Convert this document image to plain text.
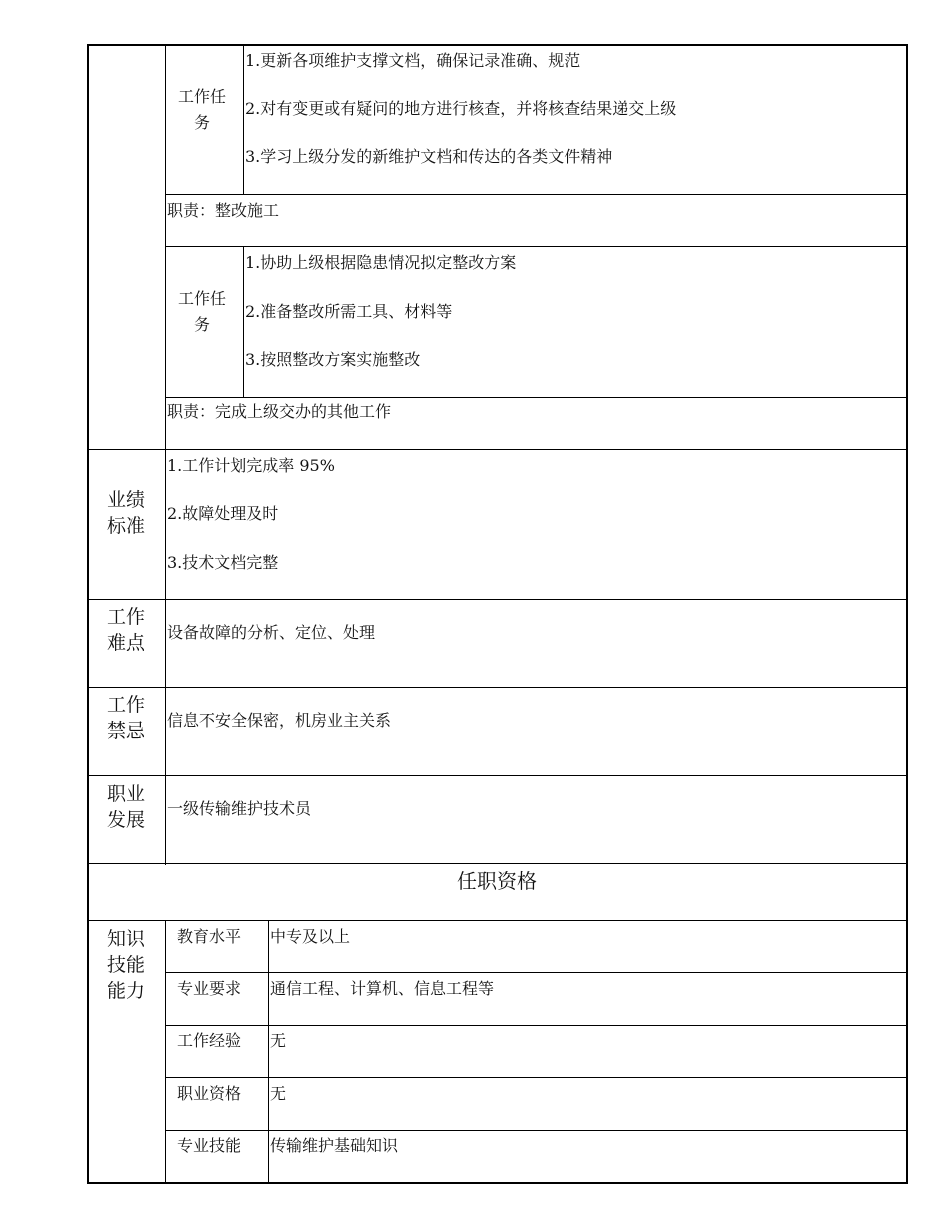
工作任务
1.更新各项维护支撑文档，确保记录准确、规范
2.对有变更或有疑问的地方进行核查，并将核查结果递交上级
3.学习上级分发的新维护文档和传达的各类文件精神
职责：整改施工
工作任务
1.协助上级根据隐患情况拟定整改方案
2.准备整改所需工具、材料等
3.按照整改方案实施整改
职责：完成上级交办的其他工作
业绩标准
1.工作计划完成率 95%
2.故障处理及时
3.技术文档完整
工作难点 设备故障的分析、定位、处理
工作禁忌 信息不安全保密，机房业主关系
职业发展
一级传输维护技术员
任职资格
知识技能能力
教育水平 中专及以上
专业要求 通信工程、计算机、信息工程等
工作经验 无
职业资格 无
专业技能 传输维护基础知识
